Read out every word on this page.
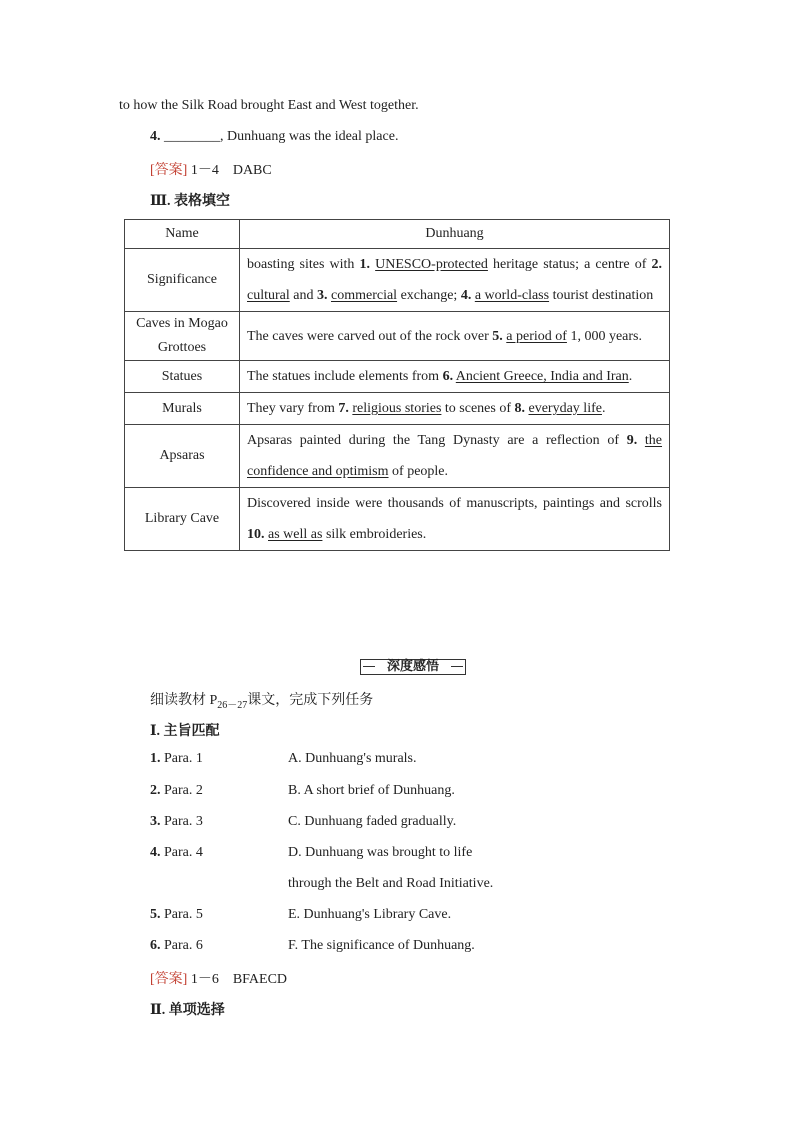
to how the Silk Road brought East and West together.
4. ________, Dunhuang was the ideal place.
[答案] 1－4　DABC
Ⅲ. 表格填空
Name	Dunhuang
Significance	boasting sites with 1. UNESCO-protected heritage status; a centre of 2. cultural and 3. commercial exchange; 4. a world-class tourist destination
Caves in Mogao Grottoes	The caves were carved out of the rock over 5. a period of 1, 000 years.
Statues	The statues include elements from 6. Ancient Greece, India and Iran.
Murals	They vary from 7. religious stories to scenes of 8. everyday life.
Apsaras	Apsaras painted during the Tang Dynasty are a reflection of 9. the confidence and optimism of people.
Library Cave	Discovered inside were thousands of manuscripts, paintings and scrolls 10. as well as silk embroideries.
深度感悟
细读教材 $P_{26-27}$课文，完成下列任务
Ⅰ. 主旨匹配
1. Para. 1	A. Dunhuang's murals.
2. Para. 2	B. A short brief of Dunhuang.
3. Para. 3	C. Dunhuang faded gradually.
4. Para. 4	D. Dunhuang was brought to life
through the Belt and Road Initiative.
5. Para. 5	E. Dunhuang's Library Cave.
6. Para. 6	F. The significance of Dunhuang.
[答案] 1－6　BFAECD
Ⅱ. 单项选择
